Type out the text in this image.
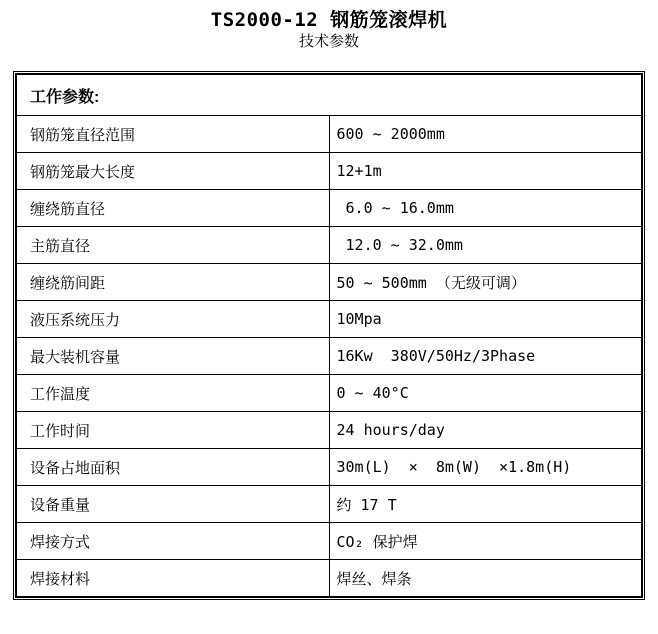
TS2000-12 钢筋笼滚焊机
技术参数
工作参数:	
钢筋笼直径范围	600 ~ 2000mm
钢筋笼最大长度	12+1m
缠绕筋直径	6.0 ~ 16.0mm
主筋直径	12.0 ~ 32.0mm
缠绕筋间距	50 ~ 500mm （无级可调）
液压系统压力	10Mpa
最大装机容量	16Kw  380V/50Hz/3Phase
工作温度	0 ~ 40°C
工作时间	24 hours/day
设备占地面积	30m(L)  ×  8m(W)  ×1.8m(H)
设备重量	约 17 T
焊接方式	CO₂ 保护焊
焊接材料	焊丝、焊条
